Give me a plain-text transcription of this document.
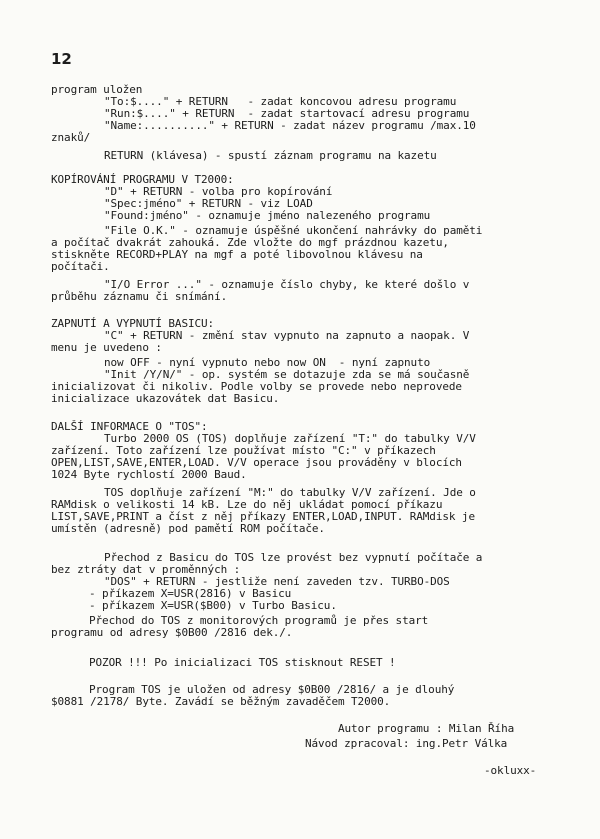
12
program uložen
"To:$...." + RETURN   - zadat koncovou adresu programu
"Run:$...." + RETURN  - zadat startovací adresu programu
"Name:.........." + RETURN - zadat název programu /max.10
znaků/
RETURN (klávesa) - spustí záznam programu na kazetu
KOPÍROVÁNÍ PROGRAMU V T2000:
"D" + RETURN - volba pro kopírování
"Spec:jméno" + RETURN - viz LOAD
"Found:jméno" - oznamuje jméno nalezeného programu
"File O.K." - oznamuje úspěšné ukončení nahrávky do paměti
a počítač dvakrát zahouká. Zde vložte do mgf prázdnou kazetu,
stiskněte RECORD+PLAY na mgf a poté libovolnou klávesu na
počítači.
"I/O Error ..." - oznamuje číslo chyby, ke které došlo v
průběhu záznamu či snímání.
ZAPNUTÍ A VYPNUTÍ BASICU:
"C" + RETURN - změní stav vypnuto na zapnuto a naopak. V
menu je uvedeno :
now OFF - nyní vypnuto nebo now ON  - nyní zapnuto
"Init /Y/N/" - op. systém se dotazuje zda se má současně
inicializovat či nikoliv. Podle volby se provede nebo neprovede
inicializace ukazovátek dat Basicu.
DALŠÍ INFORMACE O "TOS":
Turbo 2000 OS (TOS) doplňuje zařízení "T:" do tabulky V/V
zařízení. Toto zařízení lze používat místo "C:" v příkazech
OPEN,LIST,SAVE,ENTER,LOAD. V/V operace jsou prováděny v blocích
1024 Byte rychlostí 2000 Baud.
TOS doplňuje zařízení "M:" do tabulky V/V zařízení. Jde o
RAMdisk o velikosti 14 kB. Lze do něj ukládat pomocí příkazu
LIST,SAVE,PRINT a číst z něj příkazy ENTER,LOAD,INPUT. RAMdisk je
umístěn (adresně) pod pamětí ROM počítače.
Přechod z Basicu do TOS lze provést bez vypnutí počítače a
bez ztráty dat v proměnných :
"DOS" + RETURN - jestliže není zaveden tzv. TURBO-DOS
- příkazem X=USR(2816) v Basicu
- příkazem X=USR($B00) v Turbo Basicu.
Přechod do TOS z monitorových programů je přes start
programu od adresy $0B00 /2816 dek./.
POZOR !!! Po inicializaci TOS stisknout RESET !
Program TOS je uložen od adresy $0B00 /2816/ a je dlouhý
$0881 /2178/ Byte. Zavádí se běžným zavaděčem T2000.
Autor programu : Milan Říha
Návod zpracoval: ing.Petr Válka
-okluxx-
